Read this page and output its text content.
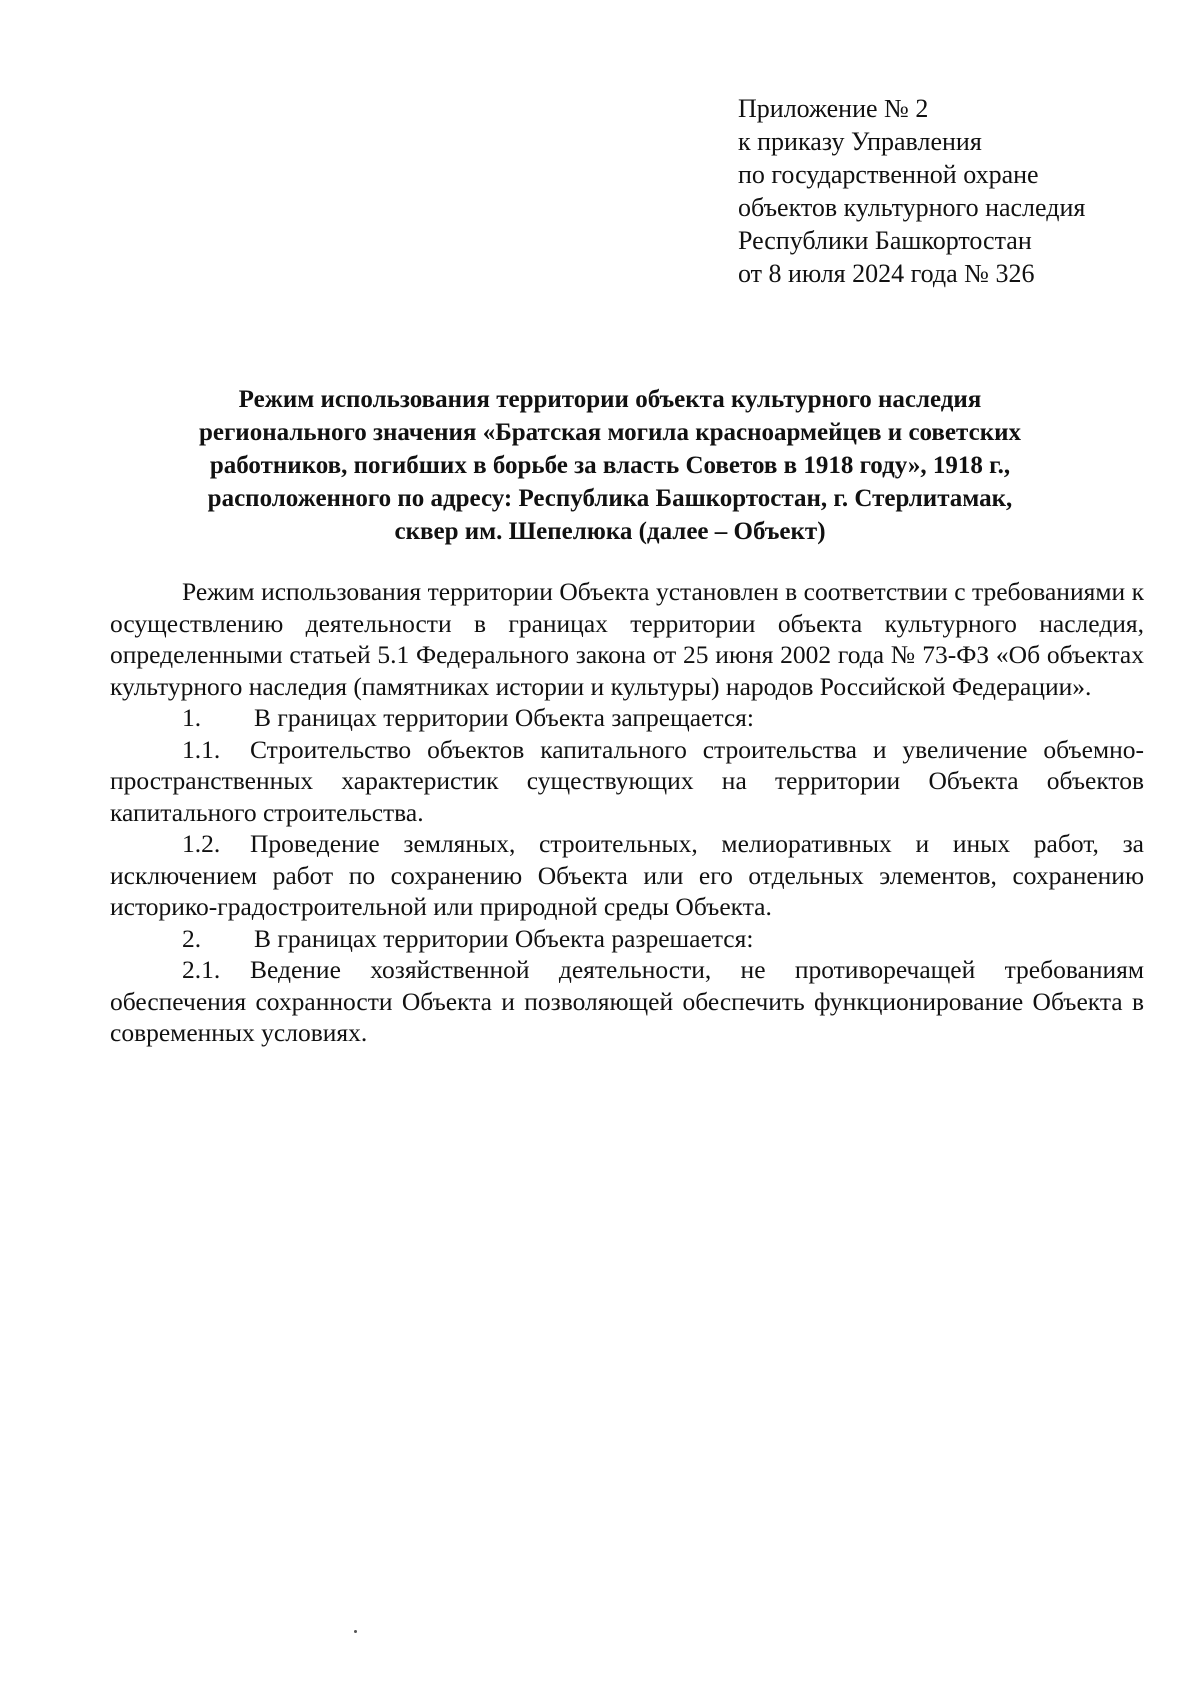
Приложение № 2
к приказу Управления
по государственной охране
объектов культурного наследия
Республики Башкортостан
от 8 июля 2024 года № 326
Режим использования территории объекта культурного наследия
регионального значения «Братская могила красноармейцев и советских
работников, погибших в борьбе за власть Советов в 1918 году», 1918 г.,
расположенного по адресу: Республика Башкортостан, г. Стерлитамак,
сквер им. Шепелюка (далее – Объект)

Режим использования территории Объекта установлен в соответствии с требованиями к осуществлению деятельности в границах территории объекта культурного наследия, определенными статьей 5.1 Федерального закона от 25 июня 2002 года № 73-ФЗ «Об объектах культурного наследия (памятниках истории и культуры) народов Российской Федерации».

1.	В границах территории Объекта запрещается:

1.1. Строительство объектов капитального строительства и увеличение объемно-пространственных характеристик существующих на территории Объекта объектов капитального строительства.

1.2. Проведение земляных, строительных, мелиоративных и иных работ, за исключением работ по сохранению Объекта или его отдельных элементов, сохранению историко-градостроительной или природной среды Объекта.

2.	В границах территории Объекта разрешается:

2.1. Ведение хозяйственной деятельности, не противоречащей требованиям обеспечения сохранности Объекта и позволяющей обеспечить функционирование Объекта в современных условиях.
